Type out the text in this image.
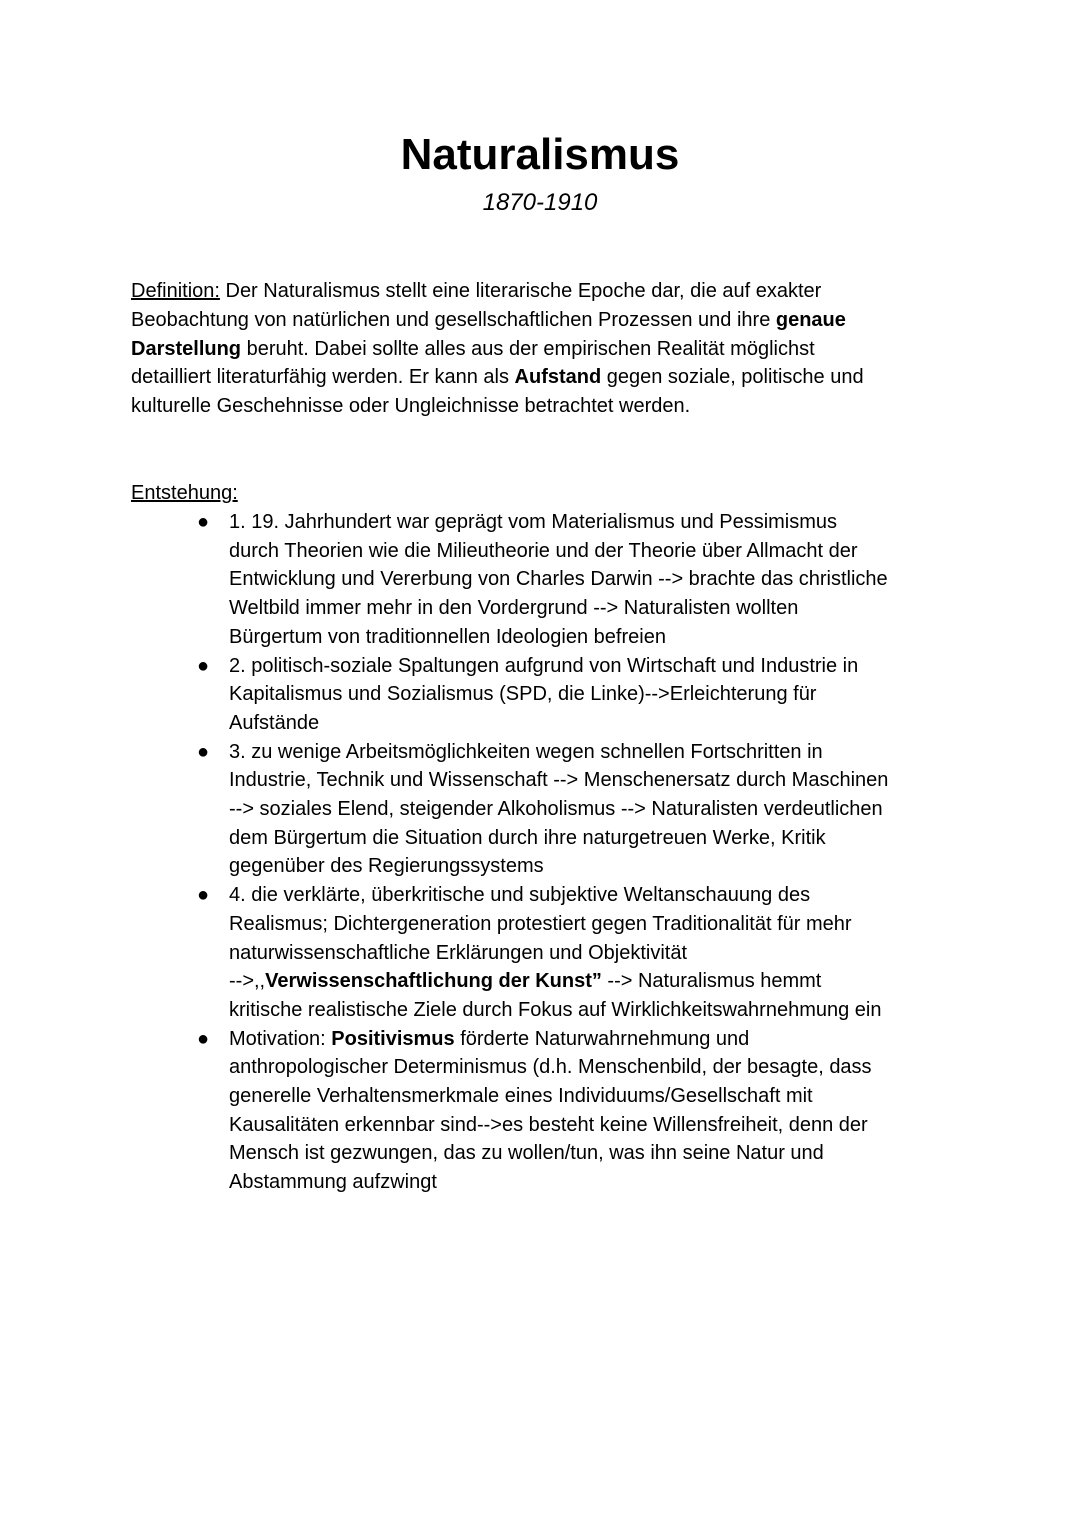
Naturalismus
1870-1910
Definition: Der Naturalismus stellt eine literarische Epoche dar, die auf exakter
Beobachtung von natürlichen und gesellschaftlichen Prozessen und ihre genaue
Darstellung beruht. Dabei sollte alles aus der empirischen Realität möglichst
detailliert literaturfähig werden. Er kann als Aufstand gegen soziale, politische und
kulturelle Geschehnisse oder Ungleichnisse betrachtet werden.
Entstehung:
● 1. 19. Jahrhundert war geprägt vom Materialismus und Pessimismus
durch Theorien wie die Milieutheorie und der Theorie über Allmacht der
Entwicklung und Vererbung von Charles Darwin --> brachte das christliche
Weltbild immer mehr in den Vordergrund --> Naturalisten wollten
Bürgertum von traditionnellen Ideologien befreien
● 2. politisch-soziale Spaltungen aufgrund von Wirtschaft und Industrie in
Kapitalismus und Sozialismus (SPD, die Linke)-->Erleichterung für
Aufstände
● 3. zu wenige Arbeitsmöglichkeiten wegen schnellen Fortschritten in
Industrie, Technik und Wissenschaft --> Menschenersatz durch Maschinen
--> soziales Elend, steigender Alkoholismus --> Naturalisten verdeutlichen
dem Bürgertum die Situation durch ihre naturgetreuen Werke, Kritik
gegenüber des Regierungssystems
● 4. die verklärte, überkritische und subjektive Weltanschauung des
Realismus; Dichtergeneration protestiert gegen Traditionalität für mehr
naturwissenschaftliche Erklärungen und Objektivität
-->,,Verwissenschaftlichung der Kunst” --> Naturalismus hemmt
kritische realistische Ziele durch Fokus auf Wirklichkeitswahrnehmung ein
● Motivation: Positivismus förderte Naturwahrnehmung und
anthropologischer Determinismus (d.h. Menschenbild, der besagte, dass
generelle Verhaltensmerkmale eines Individuums/Gesellschaft mit
Kausalitäten erkennbar sind-->es besteht keine Willensfreiheit, denn der
Mensch ist gezwungen, das zu wollen/tun, was ihn seine Natur und
Abstammung aufzwingt
